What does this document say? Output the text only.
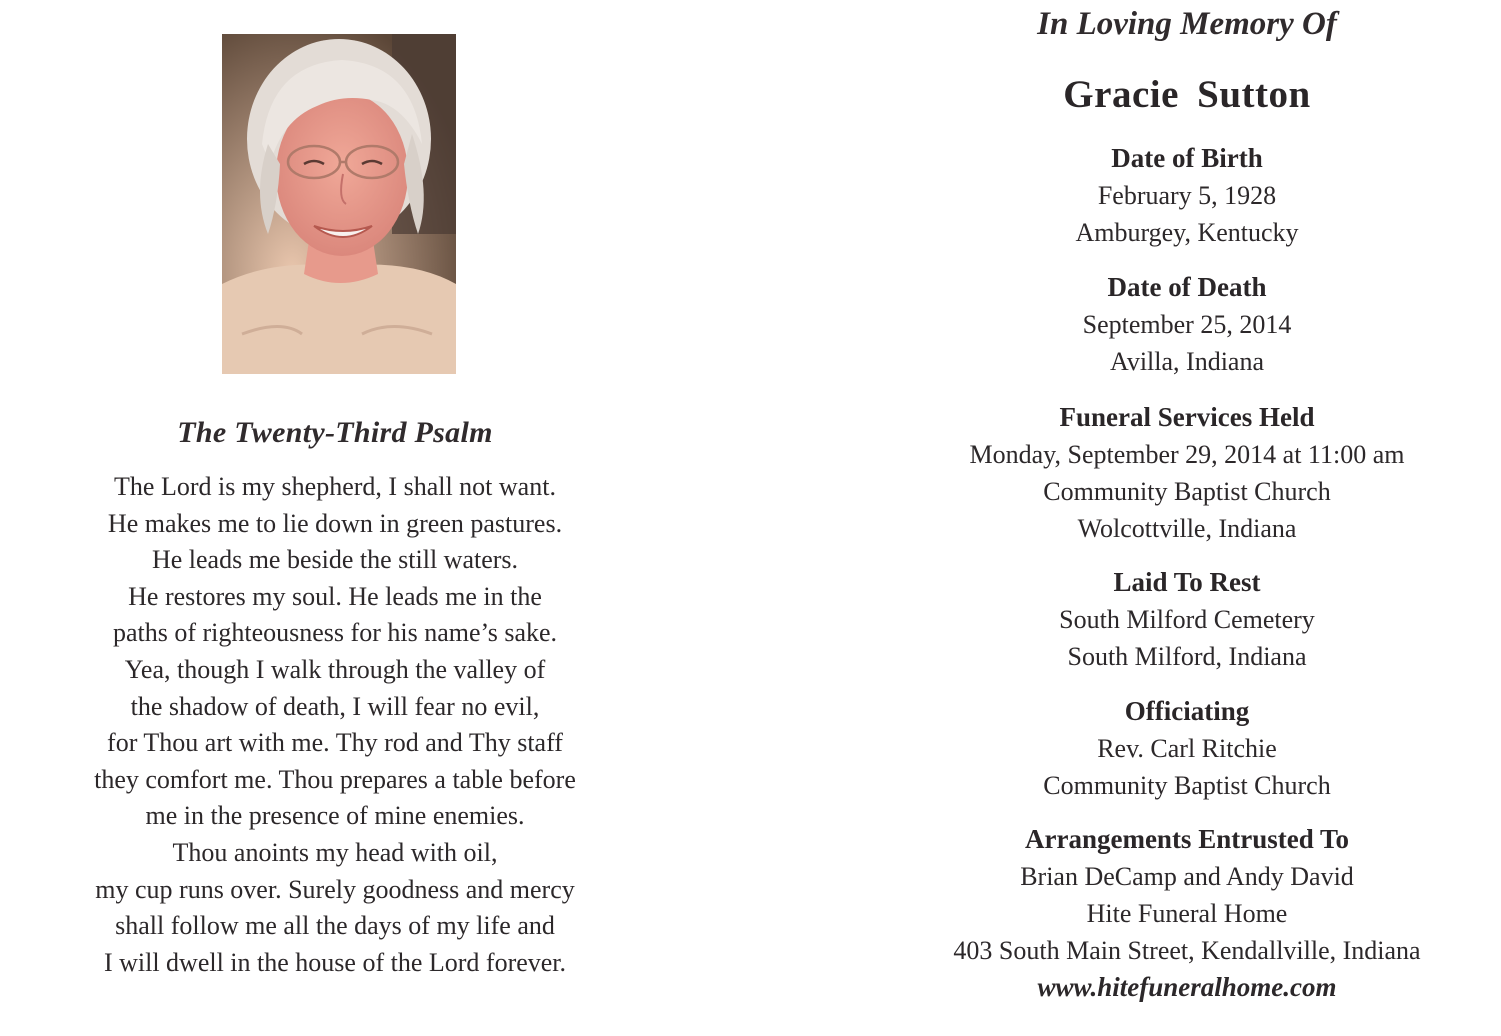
The Twenty-Third Psalm
The Lord is my shepherd, I shall not want.
He makes me to lie down in green pastures.
He leads me beside the still waters.
He restores my soul. He leads me in the
paths of righteousness for his name’s sake.
Yea, though I walk through the valley of
the shadow of death, I will fear no evil,
for Thou art with me. Thy rod and Thy staff
they comfort me. Thou prepares a table before
me in the presence of mine enemies.
Thou anoints my head with oil,
my cup runs over. Surely goodness and mercy
shall follow me all the days of my life and
I will dwell in the house of the Lord forever.
In Loving Memory Of
Gracie Sutton
Date of Birth
February 5, 1928
Amburgey, Kentucky
Date of Death
September 25, 2014
Avilla, Indiana
Funeral Services Held
Monday, September 29, 2014 at 11:00 am
Community Baptist Church
Wolcottville, Indiana
Laid To Rest
South Milford Cemetery
South Milford, Indiana
Officiating
Rev. Carl Ritchie
Community Baptist Church
Arrangements Entrusted To
Brian DeCamp and Andy David
Hite Funeral Home
403 South Main Street, Kendallville, Indiana
www.hitefuneralhome.com
